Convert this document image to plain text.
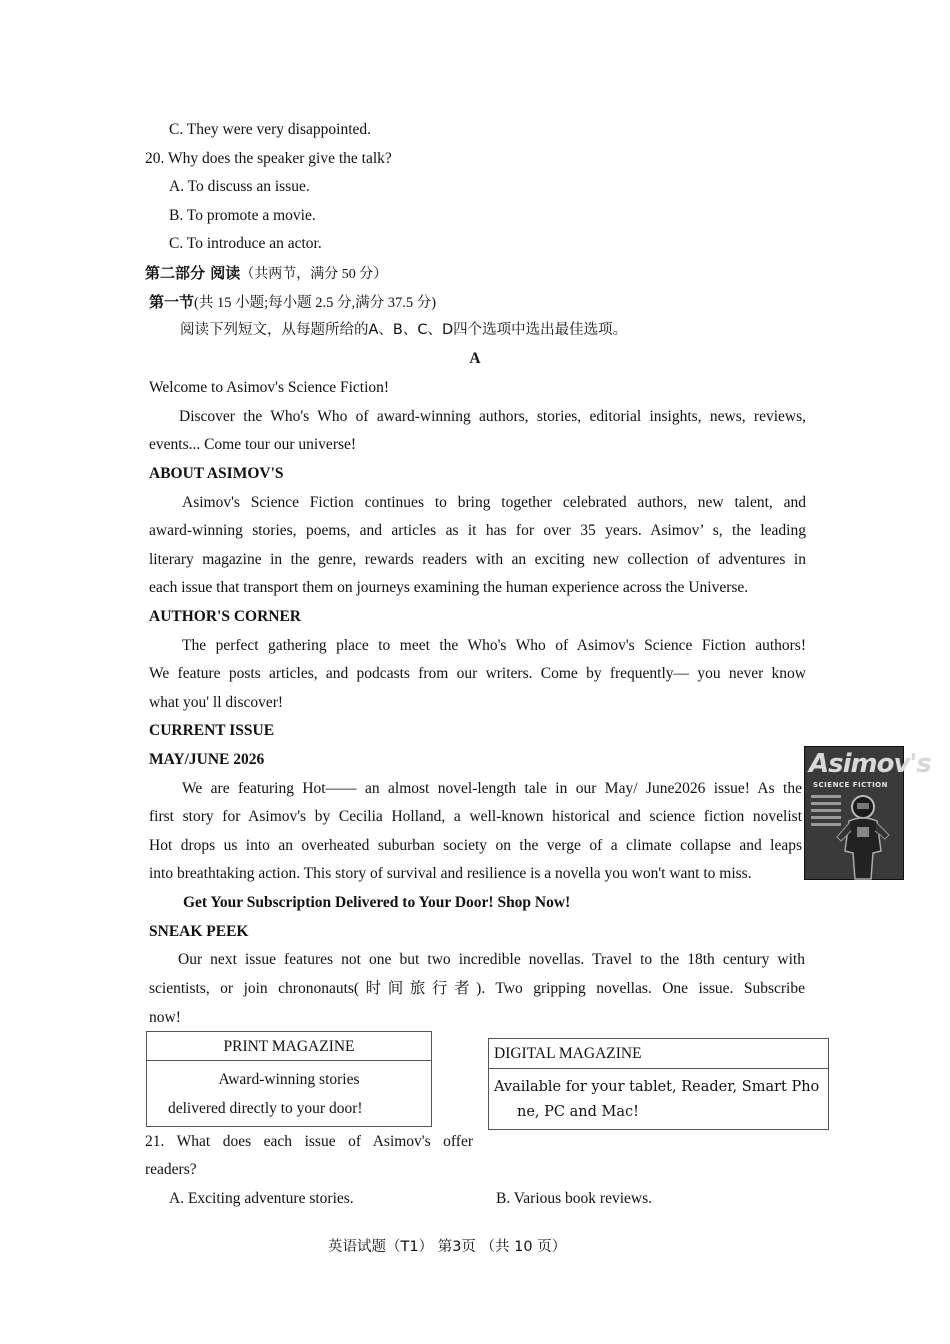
C. They were very disappointed.
20. Why does the speaker give the talk?
A. To discuss an issue.
B. To promote a movie.
C. To introduce an actor.
第二部分 阅读（共两节，满分 50 分）
第一节(共 15 小题;每小题 2.5 分,满分 37.5 分)
阅读下列短文，从每题所给的A、B、C、D四个选项中选出最佳选项。
A
Welcome to Asimov's Science Fiction!
Discover the Who's Who of award-winning authors, stories, editorial insights, news, reviews,
events... Come tour our universe!
ABOUT ASIMOV'S
Asimov's Science Fiction continues to bring together celebrated authors, new talent, and
award-winning stories, poems, and articles as it has for over 35 years. Asimov’ s, the leading
literary magazine in the genre, rewards readers with an exciting new collection of adventures in
each issue that transport them on journeys examining the human experience across the Universe.
AUTHOR'S CORNER
The perfect gathering place to meet the Who's Who of Asimov's Science Fiction authors!
We feature posts articles, and podcasts from our writers. Come by frequently— you never know
what you' ll discover!
CURRENT ISSUE
MAY/JUNE 2026
We are featuring Hot—— an almost novel-length tale in our May/ June2026 issue! As the
first story for Asimov's by Cecilia Holland, a well-known historical and science fiction novelist
Hot drops us into an overheated suburban society on the verge of a climate collapse and leaps
into breathtaking action. This story of survival and resilience is a novella you won't want to miss.
Asimov's
SCIENCE FICTION
Get Your Subscription Delivered to Your Door! Shop Now!
SNEAK PEEK
Our next issue features not one but two incredible novellas. Travel to the 18th century with
scientists, or join chrononauts(时间旅行者). Two gripping novellas. One issue. Subscribe
now!
PRINT MAGAZINE
Award-winning stories
delivered directly to your door!
DIGITAL MAGAZINE
Available for your tablet, Reader, Smart Pho
ne, PC and Mac!
21. What does each issue of Asimov's offer
readers?
A. Exciting adventure stories.	B. Various book reviews.
英语试题（T1） 第3页 （共 10 页）
